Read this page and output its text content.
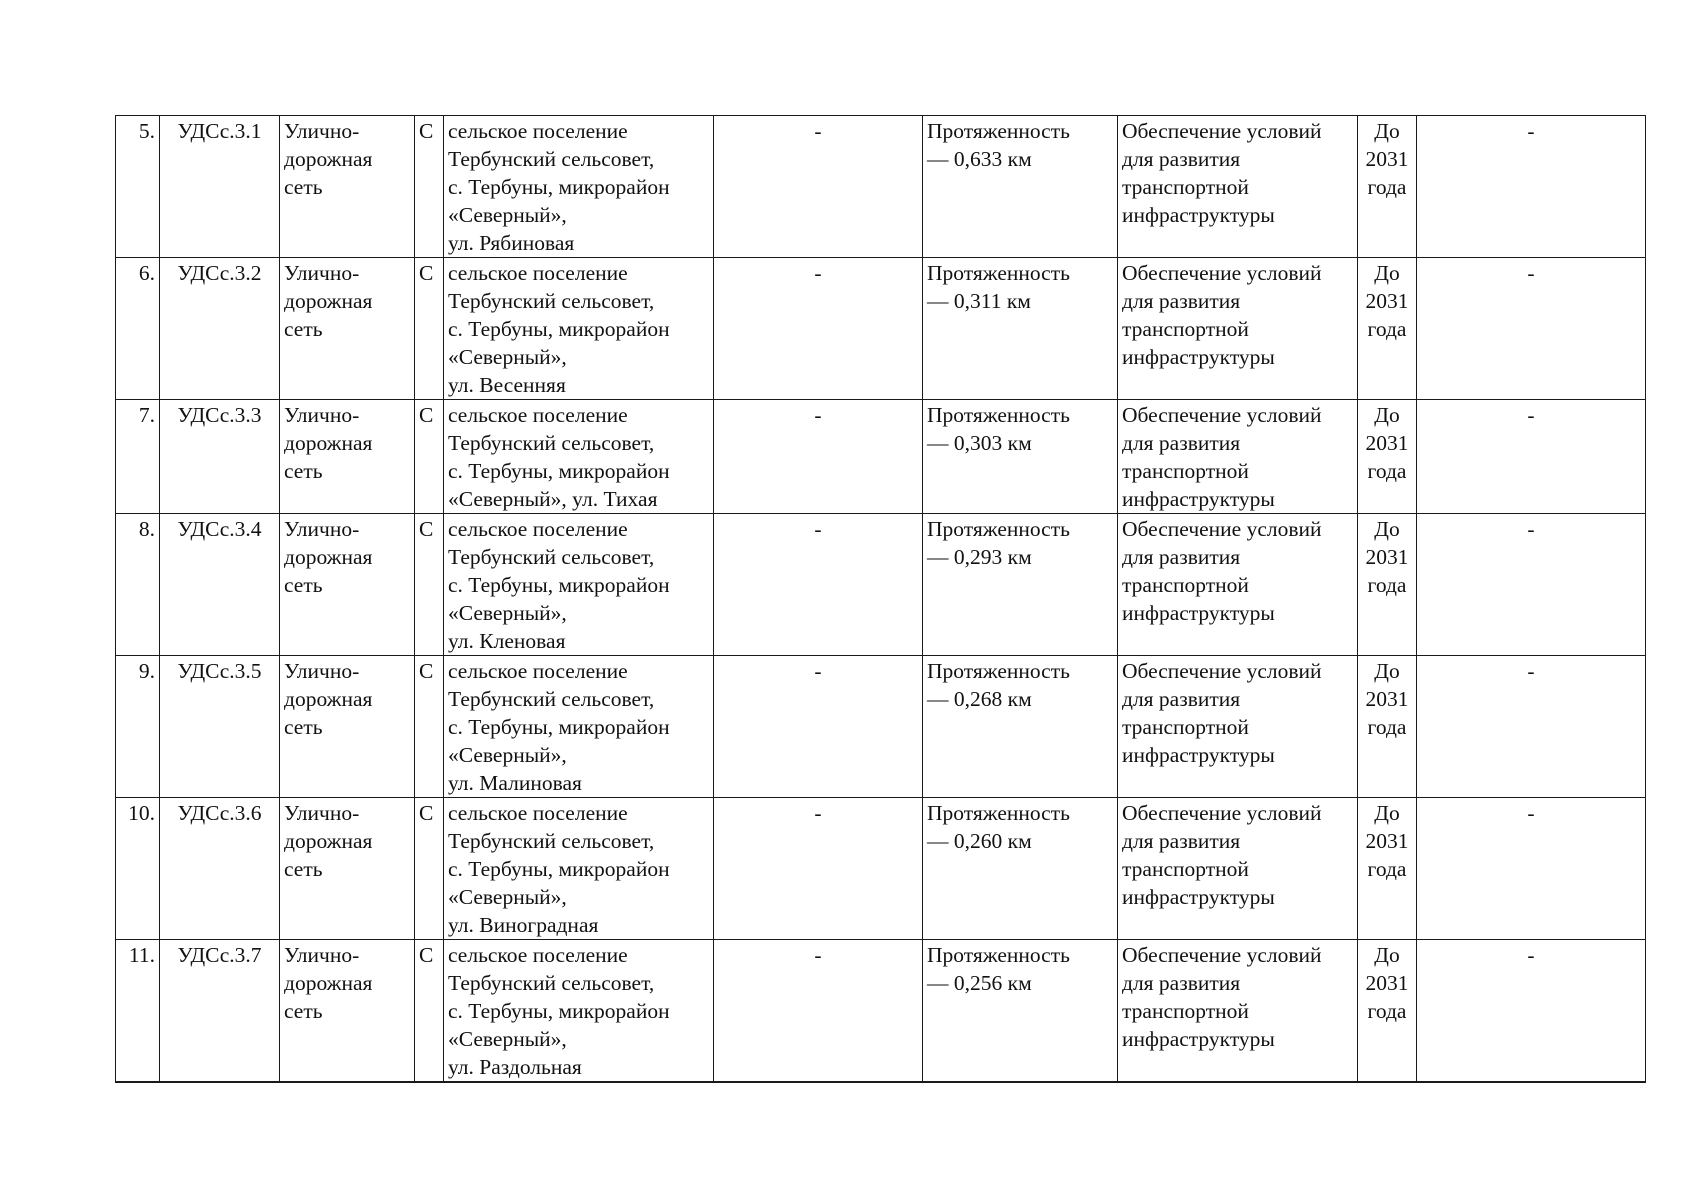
5.	УДСс.3.1	Улично-
дорожная
сеть	С	сельское поселение
Тербунский сельсовет,
с. Тербуны, микрорайон
«Северный»,
ул. Рябиновая	-	Протяженность
— 0,633 км	Обеспечение условий
для развития
транспортной
инфраструктуры	До
2031
года	-
6.	УДСс.3.2	Улично-
дорожная
сеть	С	сельское поселение
Тербунский сельсовет,
с. Тербуны, микрорайон
«Северный»,
ул. Весенняя	-	Протяженность
— 0,311 км	Обеспечение условий
для развития
транспортной
инфраструктуры	До
2031
года	-
7.	УДСс.3.3	Улично-
дорожная
сеть	С	сельское поселение
Тербунский сельсовет,
с. Тербуны, микрорайон
«Северный», ул. Тихая	-	Протяженность
— 0,303 км	Обеспечение условий
для развития
транспортной
инфраструктуры	До
2031
года	-
8.	УДСс.3.4	Улично-
дорожная
сеть	С	сельское поселение
Тербунский сельсовет,
с. Тербуны, микрорайон
«Северный»,
ул. Кленовая	-	Протяженность
— 0,293 км	Обеспечение условий
для развития
транспортной
инфраструктуры	До
2031
года	-
9.	УДСс.3.5	Улично-
дорожная
сеть	С	сельское поселение
Тербунский сельсовет,
с. Тербуны, микрорайон
«Северный»,
ул. Малиновая	-	Протяженность
— 0,268 км	Обеспечение условий
для развития
транспортной
инфраструктуры	До
2031
года	-
10.	УДСс.3.6	Улично-
дорожная
сеть	С	сельское поселение
Тербунский сельсовет,
с. Тербуны, микрорайон
«Северный»,
ул. Виноградная	-	Протяженность
— 0,260 км	Обеспечение условий
для развития
транспортной
инфраструктуры	До
2031
года	-
11.	УДСс.3.7	Улично-
дорожная
сеть	С	сельское поселение
Тербунский сельсовет,
с. Тербуны, микрорайон
«Северный»,
ул. Раздольная	-	Протяженность
— 0,256 км	Обеспечение условий
для развития
транспортной
инфраструктуры	До
2031
года	-
